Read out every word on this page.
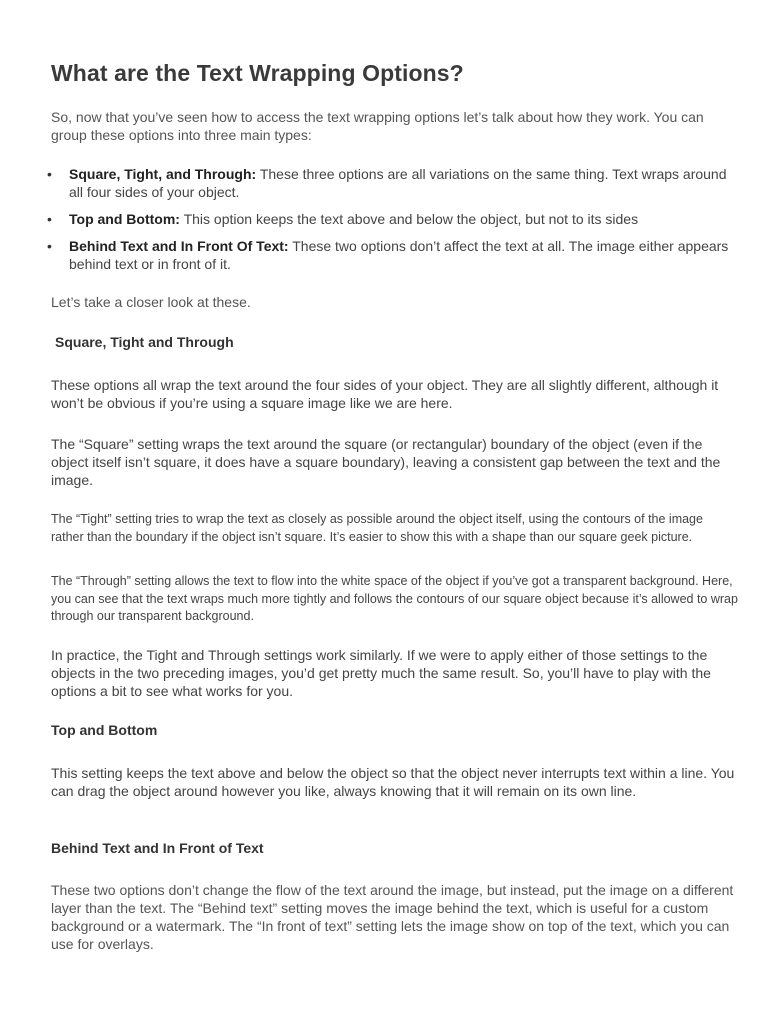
What are the Text Wrapping Options?

So, now that you’ve seen how to access the text wrapping options let’s talk about how they work. You can group these options into three main types:

• Square, Tight, and Through: These three options are all variations on the same thing. Text wraps around all four sides of your object.
• Top and Bottom: This option keeps the text above and below the object, but not to its sides
• Behind Text and In Front Of Text: These two options don’t affect the text at all. The image either appears behind text or in front of it.

Let’s take a closer look at these.

Square, Tight and Through

These options all wrap the text around the four sides of your object. They are all slightly different, although it won’t be obvious if you’re using a square image like we are here.

The “Square” setting wraps the text around the square (or rectangular) boundary of the object (even if the object itself isn’t square, it does have a square boundary), leaving a consistent gap between the text and the image.

The “Tight” setting tries to wrap the text as closely as possible around the object itself, using the contours of the image rather than the boundary if the object isn’t square. It’s easier to show this with a shape than our square geek picture.

The “Through” setting allows the text to flow into the white space of the object if you’ve got a transparent background. Here, you can see that the text wraps much more tightly and follows the contours of our square object because it’s allowed to wrap through our transparent background.

In practice, the Tight and Through settings work similarly. If we were to apply either of those settings to the objects in the two preceding images, you’d get pretty much the same result. So, you’ll have to play with the options a bit to see what works for you.

Top and Bottom

This setting keeps the text above and below the object so that the object never interrupts text within a line. You can drag the object around however you like, always knowing that it will remain on its own line.

Behind Text and In Front of Text

These two options don’t change the flow of the text around the image, but instead, put the image on a different layer than the text. The “Behind text” setting moves the image behind the text, which is useful for a custom background or a watermark. The “In front of text” setting lets the image show on top of the text, which you can use for overlays.
